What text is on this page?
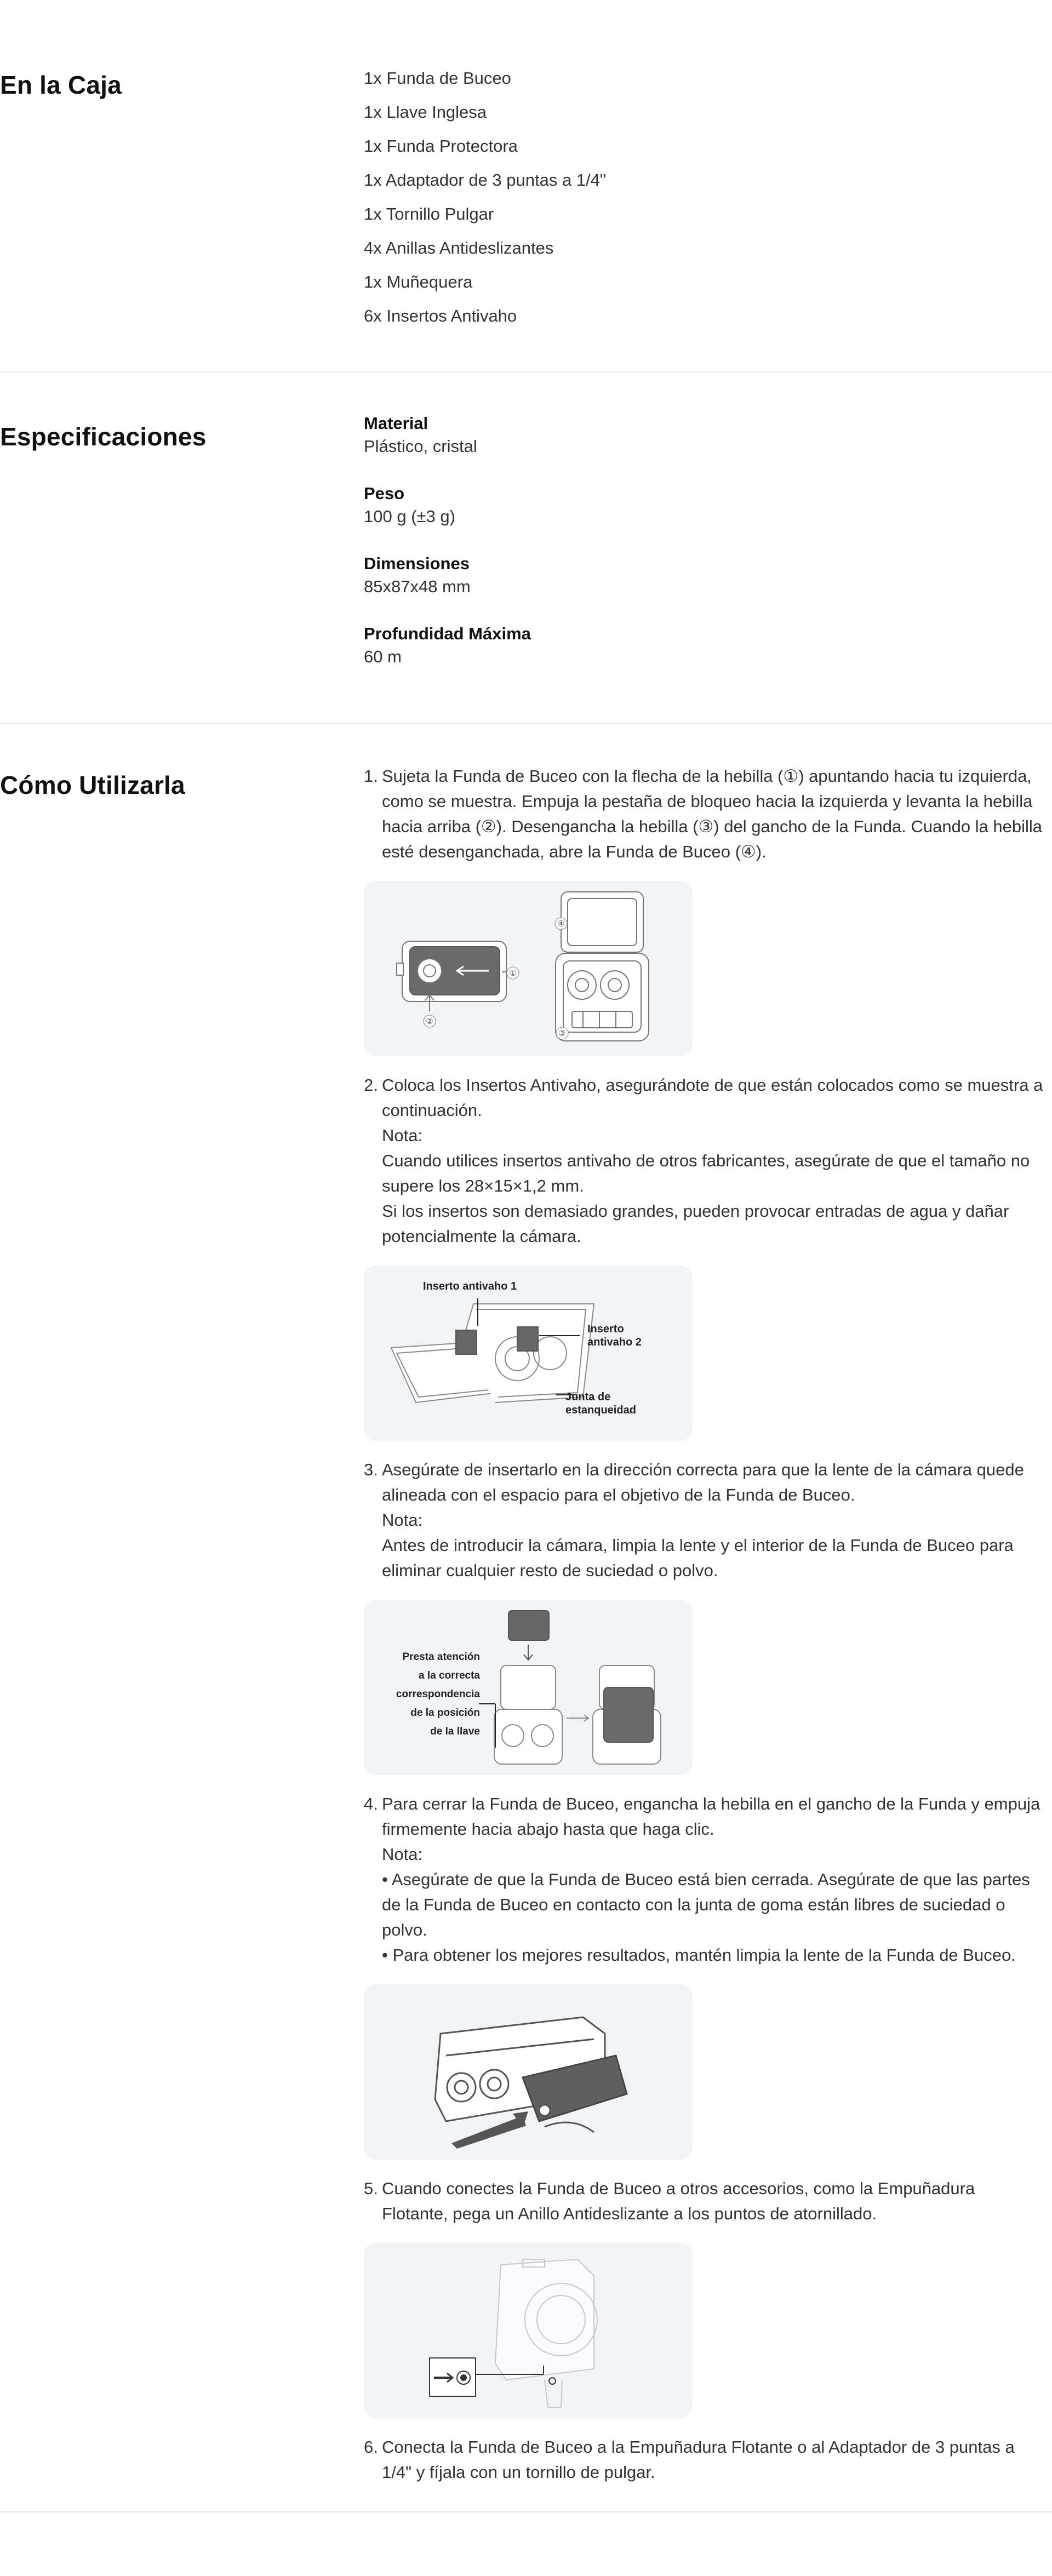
En la Caja	1x Funda de Buceo
1x Llave Inglesa
1x Funda Protectora
1x Adaptador de 3 puntas a 1/4"
1x Tornillo Pulgar
4x Anillas Antideslizantes
1x Muñequera
6x Insertos Antivaho
Especificaciones	Material
Plástico, cristal
Peso
100 g (±3 g)
Dimensiones
85x87x48 mm
Profundidad Máxima
60 m
Cómo Utilizarla	1. Sujeta la Funda de Buceo con la flecha de la hebilla (①) apuntando hacia tu izquierda, como se muestra. Empuja la pestaña de bloqueo hacia la izquierda y levanta la hebilla hacia arriba (②). Desengancha la hebilla (③) del gancho de la Funda. Cuando la hebilla esté desenganchada, abre la Funda de Buceo (④).

①
②
③
④
2. Coloca los Insertos Antivaho, asegurándote de que están colocados como se muestra a continuación.

Nota:

Cuando utilices insertos antivaho de otros fabricantes, asegúrate de que el tamaño no supere los 28×15×1,2 mm.

Si los insertos son demasiado grandes, pueden provocar entradas de agua y dañar potencialmente la cámara.

Inserto antivaho 1
Inserto
antivaho 2
Junta de
estanqueidad
3. Asegúrate de insertarlo en la dirección correcta para que la lente de la cámara quede alineada con el espacio para el objetivo de la Funda de Buceo.

Nota:

Antes de introducir la cámara, limpia la lente y el interior de la Funda de Buceo para eliminar cualquier resto de suciedad o polvo.

Presta atención
a la correcta
correspondencia
de la posición
de la llave
4. Para cerrar la Funda de Buceo, engancha la hebilla en el gancho de la Funda y empuja firmemente hacia abajo hasta que haga clic.

Nota:

• Asegúrate de que la Funda de Buceo está bien cerrada. Asegúrate de que las partes de la Funda de Buceo en contacto con la junta de goma están libres de suciedad o polvo.

• Para obtener los mejores resultados, mantén limpia la lente de la Funda de Buceo.

5. Cuando conectes la Funda de Buceo a otros accesorios, como la Empuñadura Flotante, pega un Anillo Antideslizante a los puntos de atornillado.

6. Conecta la Funda de Buceo a la Empuñadura Flotante o al Adaptador de 3 puntas a 1/4" y fíjala con un tornillo de pulgar.
